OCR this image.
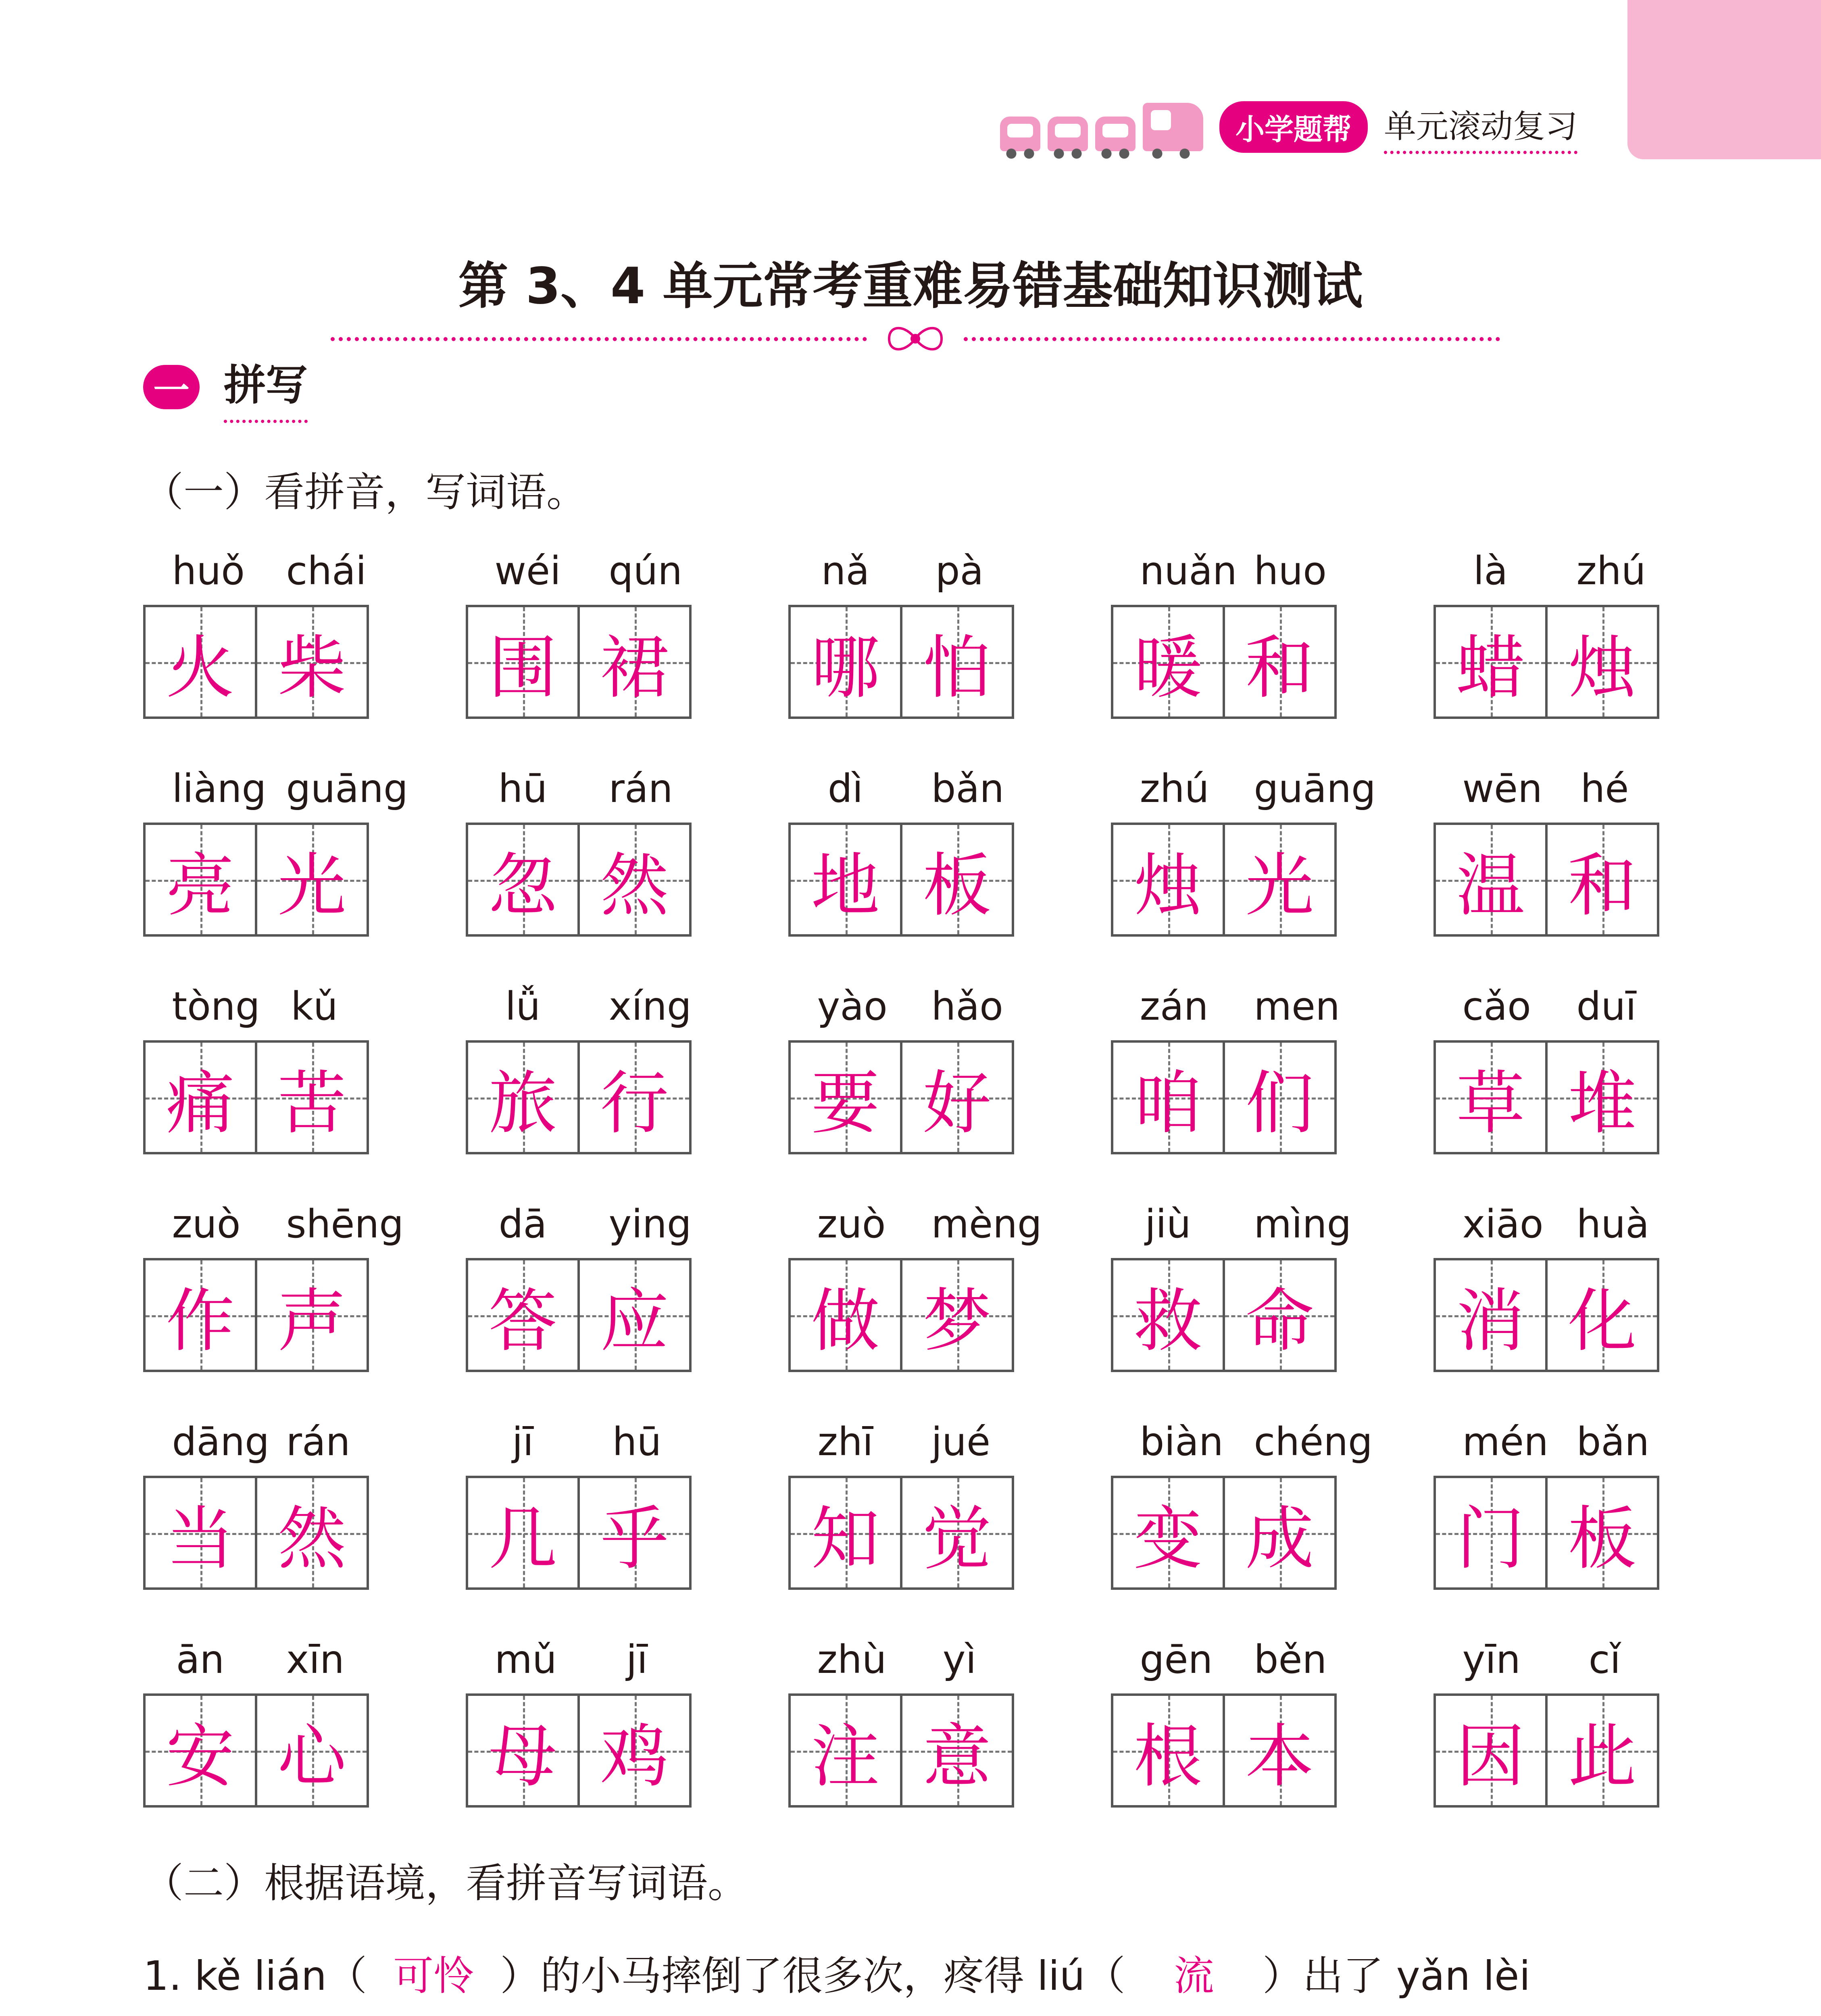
小学题帮	单元滚动复习
第 3、4 单元常考重难易错基础知识测试
一 拼写
（一）看拼音，写词语。
huǒ
火
chái
柴
wéi
围
qún
裙
nǎ
哪
pà
怕
nuǎn
暖
huo
和
là
蜡
zhú
烛
liàng
亮
guāng
光
hū
忽
rán
然
dì
地
bǎn
板
zhú
烛
guāng
光
wēn
温
hé
和
tòng
痛
kǔ
苦
lǚ
旅
xíng
行
yào
要
hǎo
好
zán
咱
men
们
cǎo
草
duī
堆
zuò
作
shēng
声
dā
答
ying
应
zuò
做
mèng
梦
jiù
救
mìng
命
xiāo
消
huà
化
dāng
当
rán
然
jī
几
hū
乎
zhī
知
jué
觉
biàn
变
chéng
成
mén
门
bǎn
板
ān
安
xīn
心
mǔ
母
jī
鸡
zhù
注
yì
意
gēn
根
běn
本
yīn
因
cǐ
此
（二）根据语境，看拼音写词语。
1. kě lián（ 可怜 ）的小马摔倒了很多次，疼得 liú（ 流 ）出了 yǎn lèi
